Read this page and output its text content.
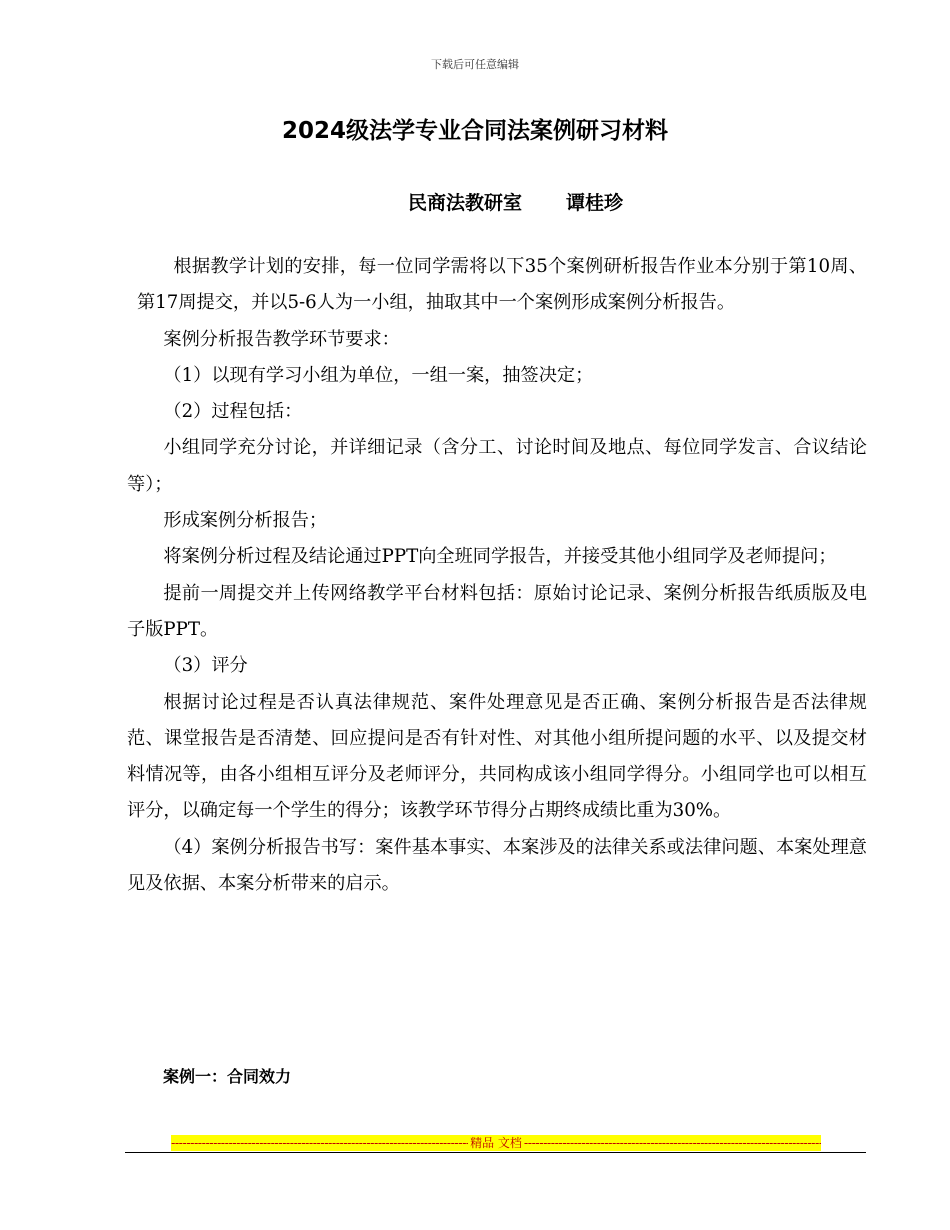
下载后可任意编辑
2024级法学专业合同法案例研习材料
民商法教研室 谭桂珍

根据教学计划的安排，每一位同学需将以下35个案例研析报告作业本分别于第10周、第17周提交，并以5-6人为一小组，抽取其中一个案例形成案例分析报告。

案例分析报告教学环节要求：

（1）以现有学习小组为单位，一组一案，抽签决定；

（2）过程包括：

小组同学充分讨论，并详细记录（含分工、讨论时间及地点、每位同学发言、合议结论等）；

形成案例分析报告；

将案例分析过程及结论通过PPT向全班同学报告，并接受其他小组同学及老师提问；

提前一周提交并上传网络教学平台材料包括：原始讨论记录、案例分析报告纸质版及电子版PPT。

（3）评分

根据讨论过程是否认真法律规范、案件处理意见是否正确、案例分析报告是否法律规范、课堂报告是否清楚、回应提问是否有针对性、对其他小组所提问题的水平、以及提交材料情况等，由各小组相互评分及老师评分，共同构成该小组同学得分。小组同学也可以相互评分，以确定每一个学生的得分；该教学环节得分占期终成绩比重为30%。

（4）案例分析报告书写：案件基本事实、本案涉及的法律关系或法律问题、本案处理意见及依据、本案分析带来的启示。

案例一：合同效力
-----
精品 文档
-----
